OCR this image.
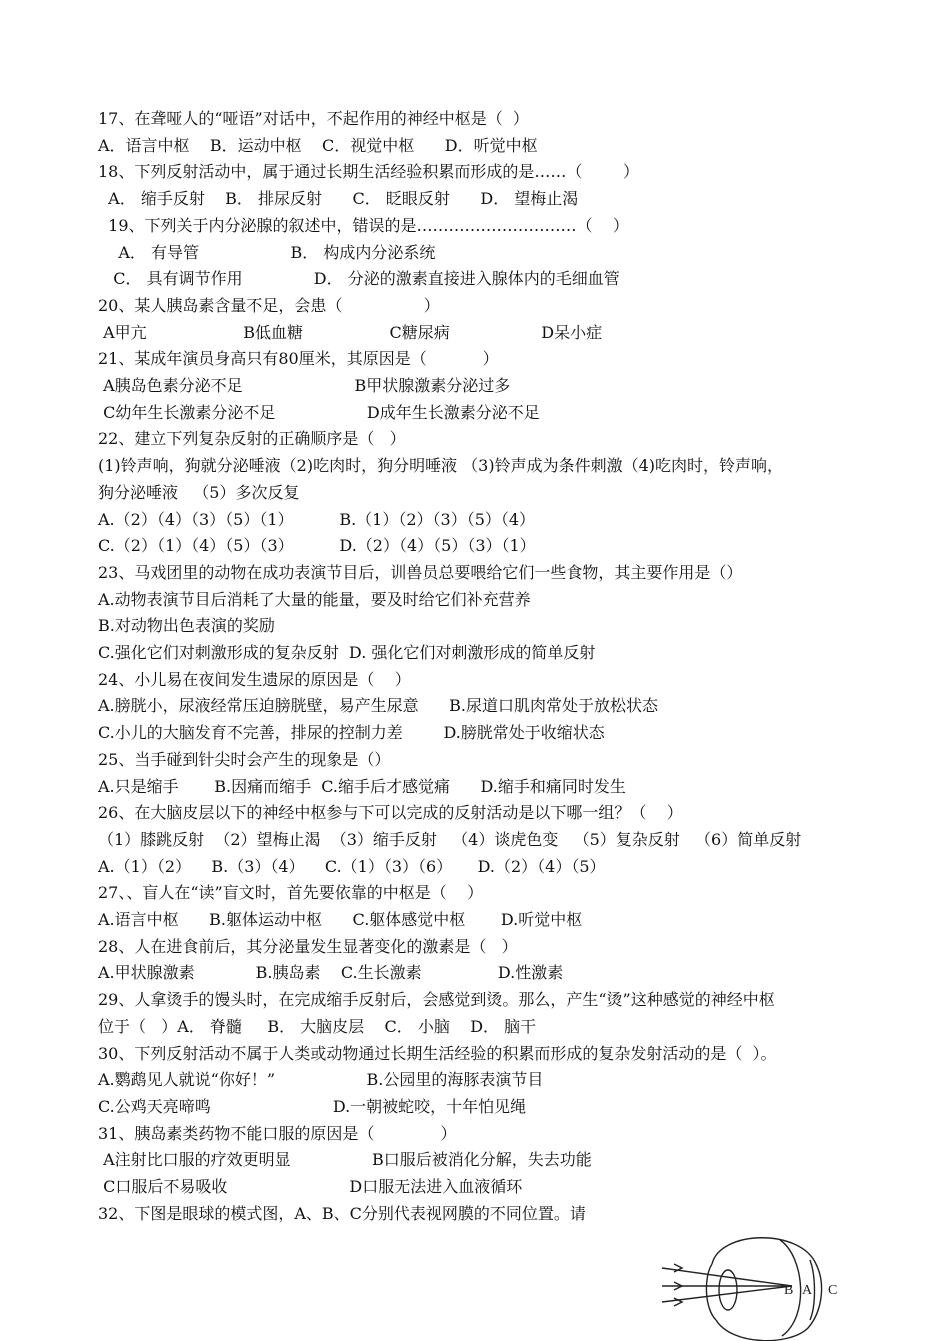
17、在聋哑人的“哑语”对话中，不起作用的神经中枢是（  ）
A．语言中枢    B．运动中枢    C．视觉中枢      D．听觉中枢
18、下列反射活动中，属于通过长期生活经验积累而形成的是……（        ）
A． 缩手反射    B． 排尿反射      C． 眨眼反射      D． 望梅止渴
19、下列关于内分泌腺的叙述中，错误的是…………………………（    ）
A． 有导管                  B． 构成内分泌系统
C． 具有调节作用              D． 分泌的激素直接进入腺体内的毛细血管
20、某人胰岛素含量不足，会患（                ）
A甲亢                   B低血糖                 C糖尿病                  D呆小症
21、某成年演员身高只有80厘米，其原因是（           ）
A胰岛色素分泌不足                      B甲状腺激素分泌过多
C幼年生长激素分泌不足                  D成年生长激素分泌不足
22、建立下列复杂反射的正确顺序是（   ）
(1)铃声响，狗就分泌唾液（2)吃肉时，狗分明唾液 （3)铃声成为条件刺激（4)吃肉时，铃声响，
狗分泌唾液   （5）多次反复
A.（2）（4）（3）（5）（1）         B.（1）（2）（3）（5）（4）
C.（2）（1）（4）（5）（3）         D.（2）（4）（5）（3）（1）
23、马戏团里的动物在成功表演节目后，训兽员总要喂给它们一些食物，其主要作用是（）
A.动物表演节目后消耗了大量的能量，要及时给它们补充营养
B.对动物出色表演的奖励
C.强化它们对刺激形成的复杂反射  D. 强化它们对刺激形成的简单反射
24、小儿易在夜间发生遗尿的原因是（    ）
A.膀胱小，尿液经常压迫膀胱壁，易产生尿意      B.尿道口肌肉常处于放松状态
C.小儿的大脑发育不完善，排尿的控制力差        D.膀胱常处于收缩状态
25、当手碰到针尖时会产生的现象是（）
A.只是缩手       B.因痛而缩手  C.缩手后才感觉痛      D.缩手和痛同时发生
26、在大脑皮层以下的神经中枢参与下可以完成的反射活动是以下哪一组？（    ）
（1）膝跳反射  （2）望梅止渴  （3）缩手反射   （4）谈虎色变   （5）复杂反射   （6）简单反射
A.（1）（2）    B.（3）（4）    C.（1）（3）（6）     D.（2）（4）（5）
27、、盲人在“读”盲文时，首先要依靠的中枢是（    ）
A.语言中枢      B.躯体运动中枢      C.躯体感觉中枢       D.听觉中枢
28、人在进食前后，其分泌量发生显著变化的激素是（   ）
A.甲状腺激素            B.胰岛素    C.生长激素               D.性激素
29、人拿烫手的馒头时，在完成缩手反射后，会感觉到烫。那么，产生“烫”这种感觉的神经中枢
位于（   ）A． 脊髓     B． 大脑皮层    C． 小脑    D． 脑干
30、下列反射活动不属于人类或动物通过长期生活经验的积累而形成的复杂发射活动的是（  ）。
A.鹦鹉见人就说“你好！”                  B.公园里的海豚表演节目
C.公鸡天亮啼鸣                        D.一朝被蛇咬，十年怕见绳
31、胰岛素类药物不能口服的原因是（             ）
A注射比口服的疗效更明显                B口服后被消化分解，失去功能
C口服后不易吸收                        D口服无法进入血液循环
32、下图是眼球的模式图，A、B、C分别代表视网膜的不同位置。请
B A C
